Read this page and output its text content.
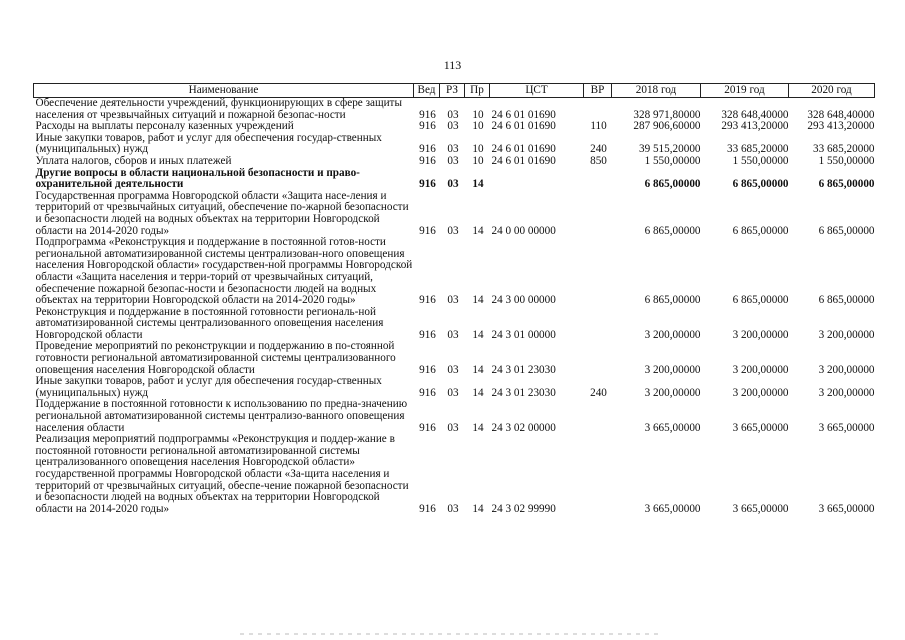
113
Наименование	Вед	РЗ	Пр	ЦСТ	ВР	2018 год	2019 год	2020 год
Обеспечение деятельности учреждений, функционирующих в сфере защиты населения от чрезвычайных ситуаций и пожарной безопас-ности	916	03	10	24 6 01 01690		328 971,80000	328 648,40000	328 648,40000
Расходы на выплаты персоналу казенных учреждений	916	03	10	24 6 01 01690	110	287 906,60000	293 413,20000	293 413,20000
Иные закупки товаров, работ и услуг для обеспечения государ-ственных (муниципальных) нужд	916	03	10	24 6 01 01690	240	39 515,20000	33 685,20000	33 685,20000
Уплата налогов, сборов и иных платежей	916	03	10	24 6 01 01690	850	1 550,00000	1 550,00000	1 550,00000
Другие вопросы в области национальной безопасности и право-охранительной деятельности	916	03	14			6 865,00000	6 865,00000	6 865,00000
Государственная программа Новгородской области «Защита насе-ления и территорий от чрезвычайных ситуаций, обеспечение по-жарной безопасности и безопасности людей на водных объектах на территории Новгородской области на 2014-2020 годы»	916	03	14	24 0 00 00000		6 865,00000	6 865,00000	6 865,00000
Подпрограмма «Реконструкция и поддержание в постоянной готов-ности региональной автоматизированной системы централизован-ного оповещения населения Новгородской области» государствен-ной программы Новгородской области «Защита населения и терри-торий от чрезвычайных ситуаций, обеспечение пожарной безопас-ности и безопасности людей на водных объектах на территории Новгородской области на 2014-2020 годы»	916	03	14	24 3 00 00000		6 865,00000	6 865,00000	6 865,00000
Реконструкция и поддержание в постоянной готовности региональ-ной автоматизированной системы централизованного оповещения населения Новгородской области	916	03	14	24 3 01 00000		3 200,00000	3 200,00000	3 200,00000
Проведение мероприятий по реконструкции и поддержанию в по-стоянной готовности региональной автоматизированной системы централизованного оповещения населения Новгородской области	916	03	14	24 3 01 23030		3 200,00000	3 200,00000	3 200,00000
Иные закупки товаров, работ и услуг для обеспечения государ-ственных (муниципальных) нужд	916	03	14	24 3 01 23030	240	3 200,00000	3 200,00000	3 200,00000
Поддержание в постоянной готовности к использованию по предна-значению региональной автоматизированной системы централизо-ванного оповещения населения области	916	03	14	24 3 02 00000		3 665,00000	3 665,00000	3 665,00000
Реализация мероприятий подпрограммы «Реконструкция и поддер-жание в постоянной готовности региональной автоматизированной системы централизованного оповещения населения Новгородской области» государственной программы Новгородской области «За-щита населения и территорий от чрезвычайных ситуаций, обеспе-чение пожарной безопасности и безопасности людей на водных объектах на территории Новгородской области на 2014-2020 годы»	916	03	14	24 3 02 99990		3 665,00000	3 665,00000	3 665,00000
